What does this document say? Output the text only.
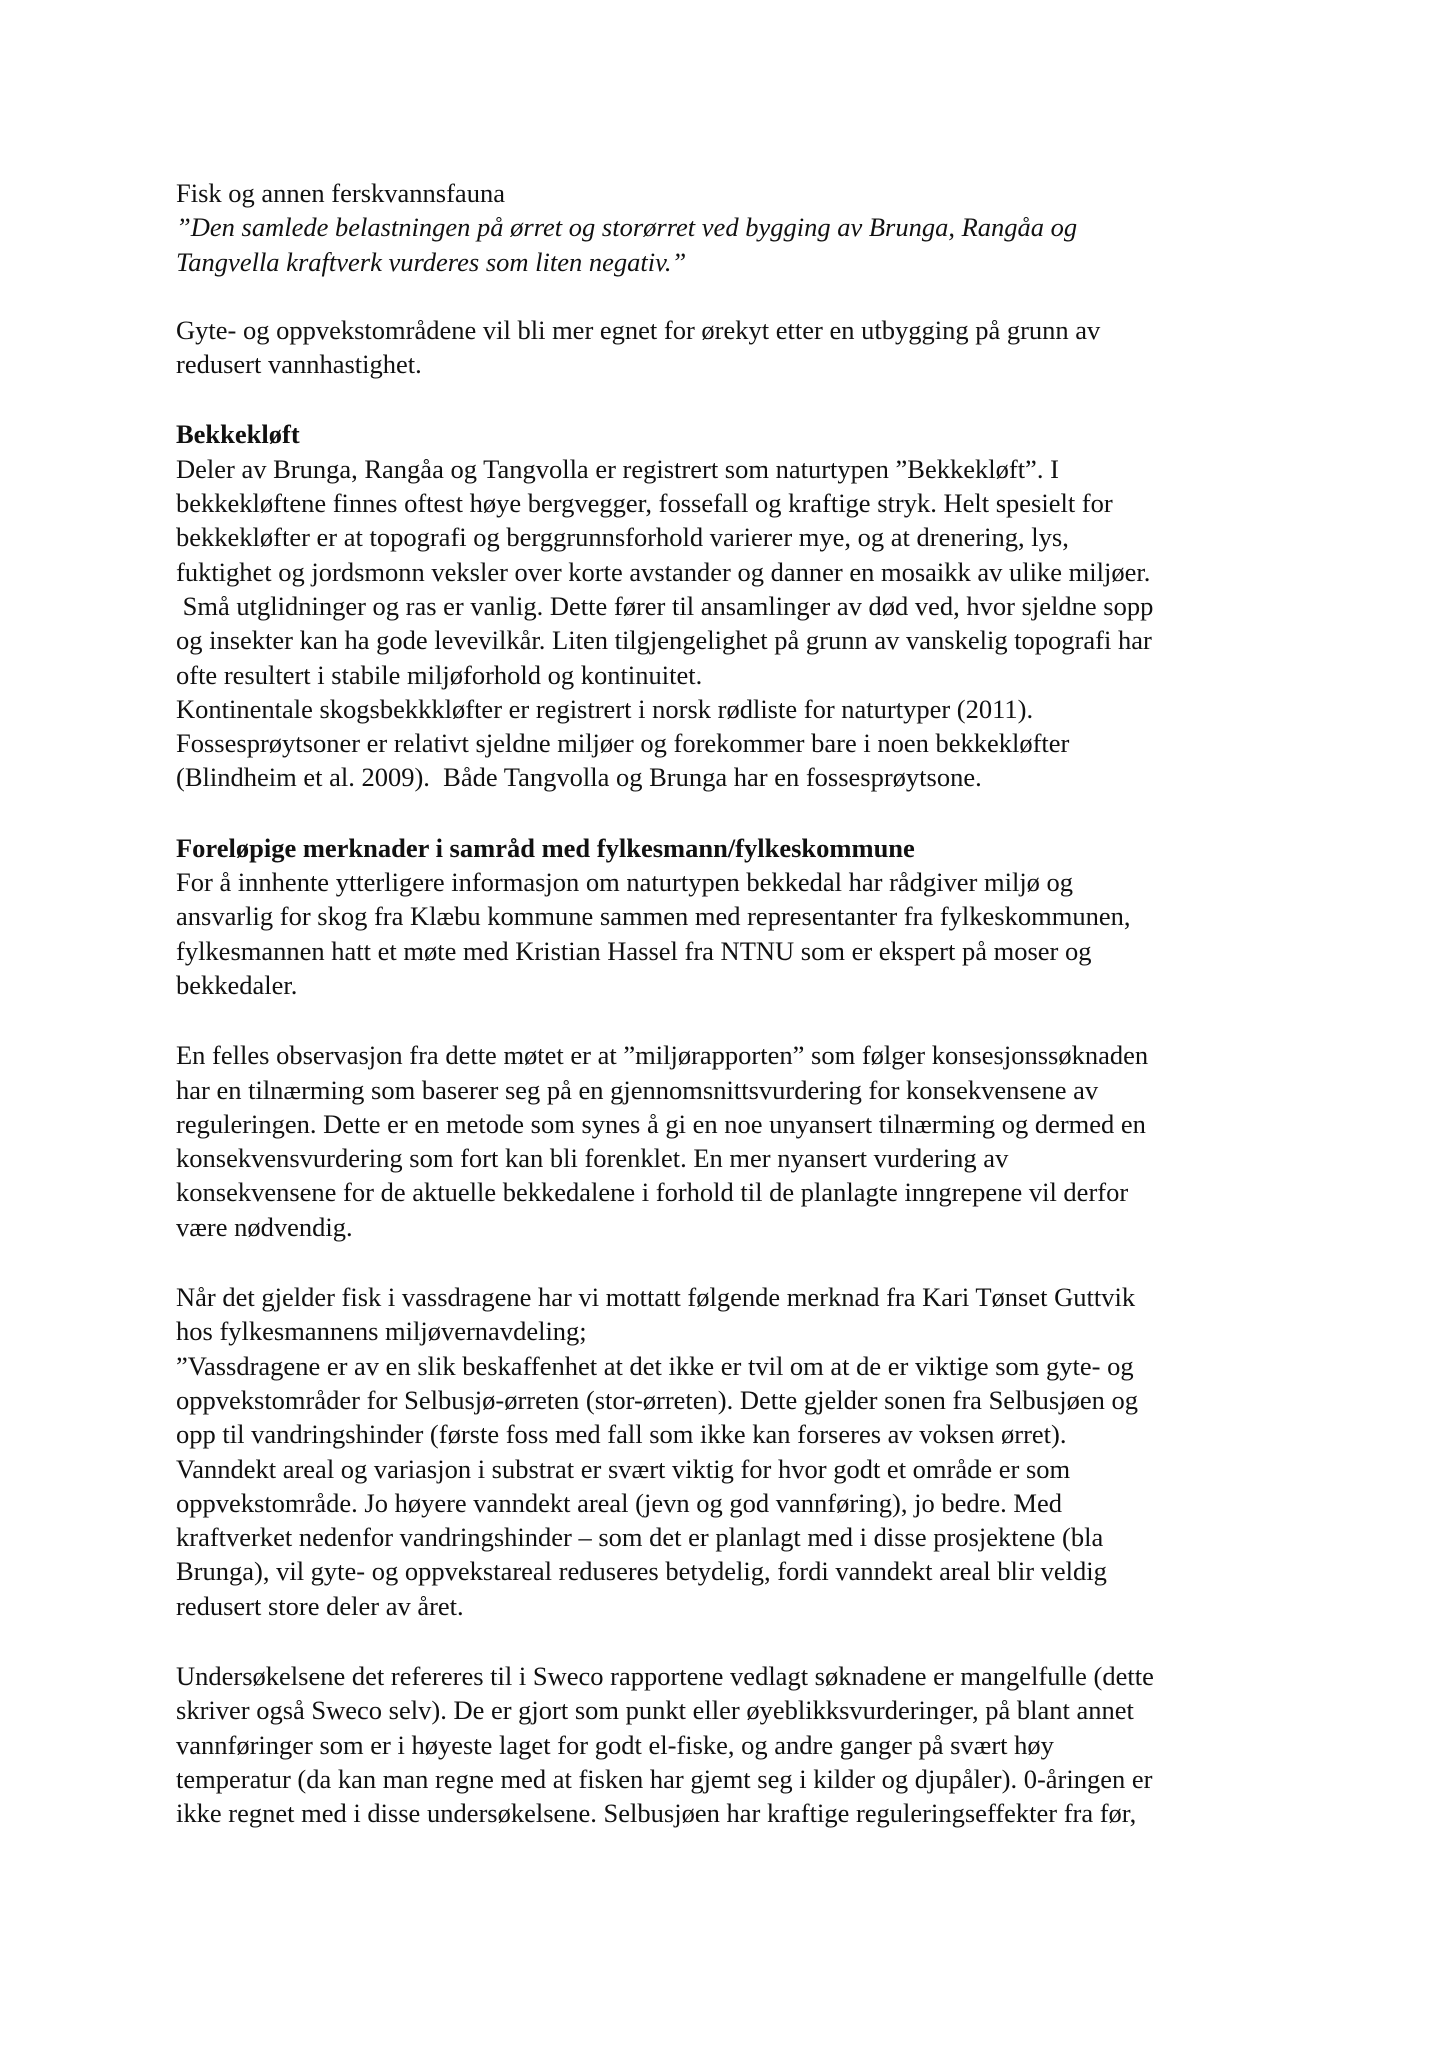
Fisk og annen ferskvannsfauna

”Den samlede belastningen på ørret og storørret ved bygging av Brunga, Rangåa og

Tangvella kraftverk vurderes som liten negativ.”

Gyte- og oppvekstområdene vil bli mer egnet for ørekyt etter en utbygging på grunn av

redusert vannhastighet.

Bekkekløft

Deler av Brunga, Rangåa og Tangvolla er registrert som naturtypen ”Bekkekløft”. I

bekkekløftene finnes oftest høye bergvegger, fossefall og kraftige stryk. Helt spesielt for

bekkekløfter er at topografi og berggrunnsforhold varierer mye, og at drenering, lys,

fuktighet og jordsmonn veksler over korte avstander og danner en mosaikk av ulike miljøer.

Små utglidninger og ras er vanlig. Dette fører til ansamlinger av død ved, hvor sjeldne sopp

og insekter kan ha gode levevilkår. Liten tilgjengelighet på grunn av vanskelig topografi har

ofte resultert i stabile miljøforhold og kontinuitet.

Kontinentale skogsbekkkløfter er registrert i norsk rødliste for naturtyper (2011).

Fossesprøytsoner er relativt sjeldne miljøer og forekommer bare i noen bekkekløfter

(Blindheim et al. 2009).  Både Tangvolla og Brunga har en fossesprøytsone.

Foreløpige merknader i samråd med fylkesmann/fylkeskommune

For å innhente ytterligere informasjon om naturtypen bekkedal har rådgiver miljø og

ansvarlig for skog fra Klæbu kommune sammen med representanter fra fylkeskommunen,

fylkesmannen hatt et møte med Kristian Hassel fra NTNU som er ekspert på moser og

bekkedaler.

En felles observasjon fra dette møtet er at ”miljørapporten” som følger konsesjonssøknaden

har en tilnærming som baserer seg på en gjennomsnittsvurdering for konsekvensene av

reguleringen. Dette er en metode som synes å gi en noe unyansert tilnærming og dermed en

konsekvensvurdering som fort kan bli forenklet. En mer nyansert vurdering av

konsekvensene for de aktuelle bekkedalene i forhold til de planlagte inngrepene vil derfor

være nødvendig.

Når det gjelder fisk i vassdragene har vi mottatt følgende merknad fra Kari Tønset Guttvik

hos fylkesmannens miljøvernavdeling;

”Vassdragene er av en slik beskaffenhet at det ikke er tvil om at de er viktige som gyte- og

oppvekstområder for Selbusjø-ørreten (stor-ørreten). Dette gjelder sonen fra Selbusjøen og

opp til vandringshinder (første foss med fall som ikke kan forseres av voksen ørret).

Vanndekt areal og variasjon i substrat er svært viktig for hvor godt et område er som

oppvekstområde. Jo høyere vanndekt areal (jevn og god vannføring), jo bedre. Med

kraftverket nedenfor vandringshinder – som det er planlagt med i disse prosjektene (bla

Brunga), vil gyte- og oppvekstareal reduseres betydelig, fordi vanndekt areal blir veldig

redusert store deler av året.

Undersøkelsene det refereres til i Sweco rapportene vedlagt søknadene er mangelfulle (dette

skriver også Sweco selv). De er gjort som punkt eller øyeblikksvurderinger, på blant annet

vannføringer som er i høyeste laget for godt el-fiske, og andre ganger på svært høy

temperatur (da kan man regne med at fisken har gjemt seg i kilder og djupåler). 0-åringen er

ikke regnet med i disse undersøkelsene. Selbusjøen har kraftige reguleringseffekter fra før,
